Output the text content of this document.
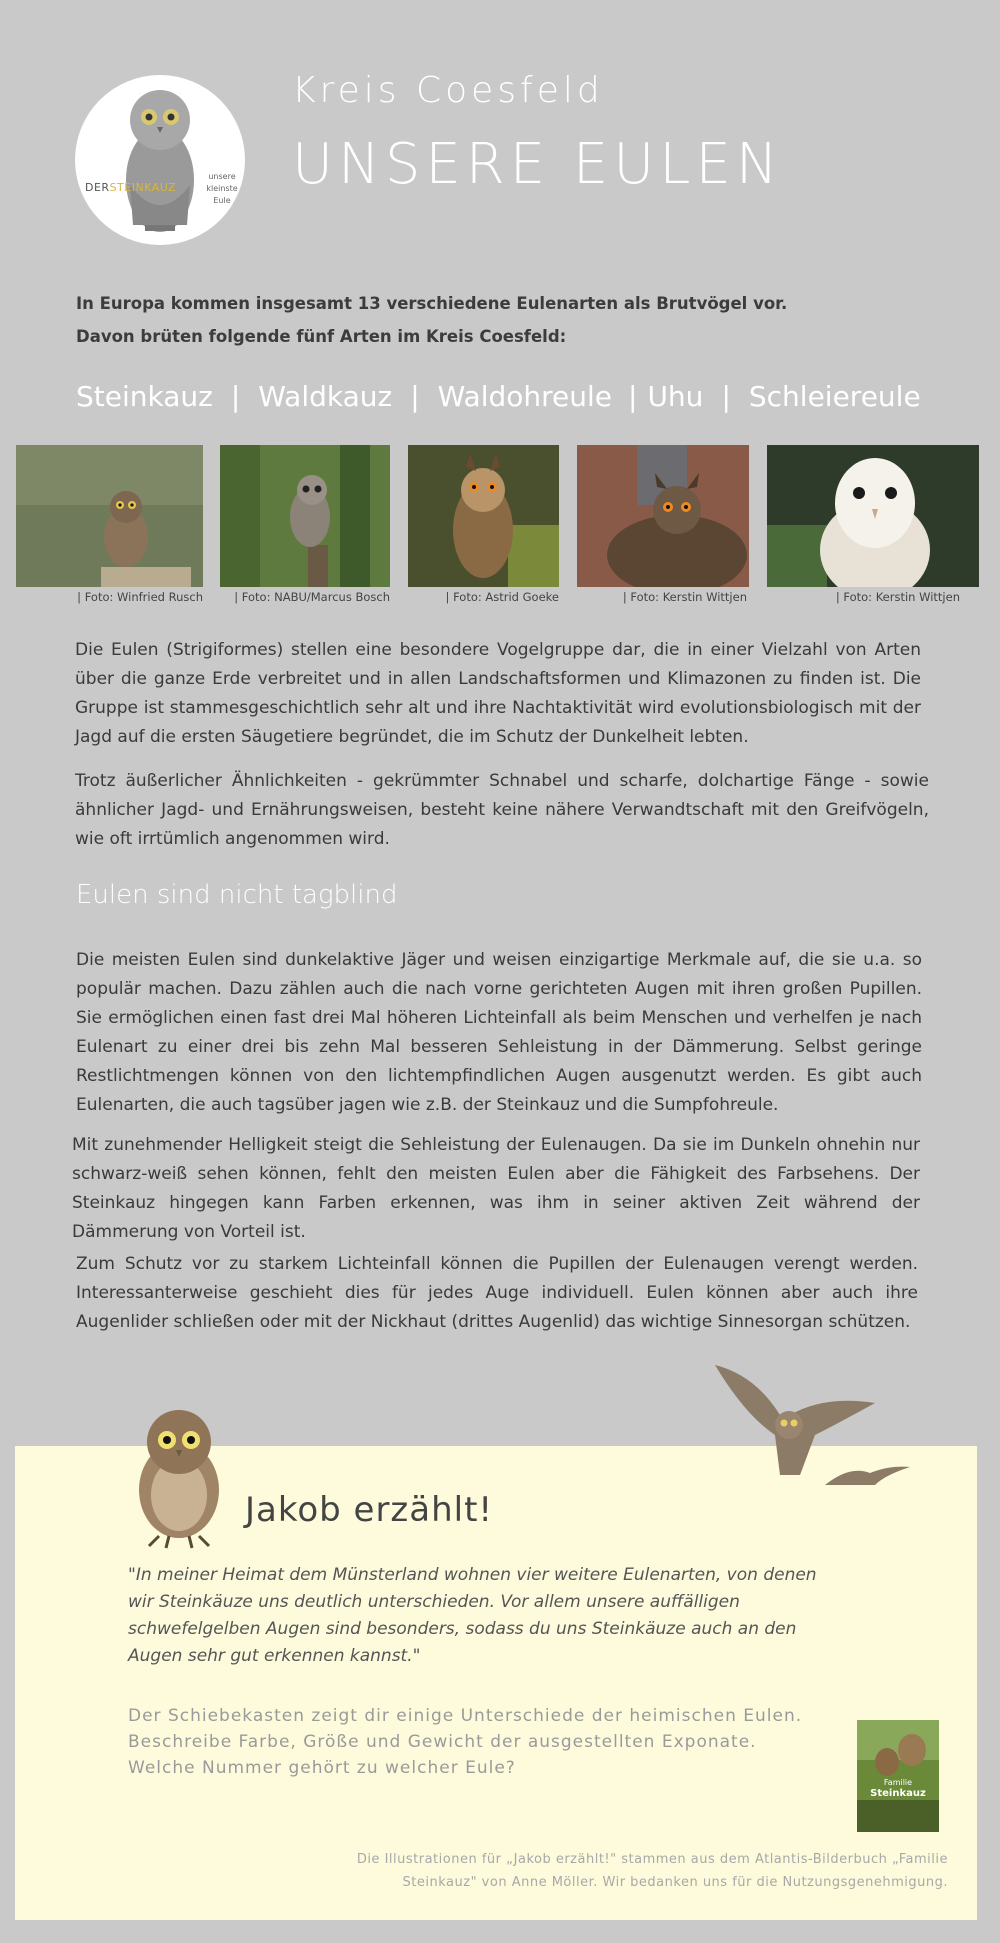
DERSTEINKAUZ
unsere
kleinste
Eule
Kreis Coesfeld
UNSERE EULEN
In Europa kommen insgesamt 13 verschiedene Eulenarten als Brutvögel vor.
Davon brüten folgende fünf Arten im Kreis Coesfeld:
Steinkauz | Waldkauz | Waldohreule | Uhu | Schleiereule
| Foto: Winfried Rusch	| Foto: NABU/Marcus Bosch	| Foto: Astrid Goeke	| Foto: Kerstin Wittjen	| Foto: Kerstin Wittjen
Die Eulen (Strigiformes) stellen eine besondere Vogelgruppe dar, die in einer Vielzahl von Arten über die ganze Erde verbreitet und in allen Landschaftsformen und Klimazonen zu finden ist. Die Gruppe ist stammesgeschichtlich sehr alt und ihre Nachtaktivität wird evolutionsbiologisch mit der Jagd auf die ersten Säugetiere begründet, die im Schutz der Dunkelheit lebten.
Trotz äußerlicher Ähnlichkeiten - gekrümmter Schnabel und scharfe, dolchartige Fänge - sowie ähnlicher Jagd- und Ernährungsweisen, besteht keine nähere Verwandtschaft mit den Greifvögeln, wie oft irrtümlich angenommen wird.
Eulen sind nicht tagblind
Die meisten Eulen sind dunkelaktive Jäger und weisen einzigartige Merkmale auf, die sie u.a. so populär machen. Dazu zählen auch die nach vorne gerichteten Augen mit ihren großen Pupillen. Sie ermöglichen einen fast drei Mal höheren Lichteinfall als beim Menschen und verhelfen je nach Eulenart zu einer drei bis zehn Mal besseren Sehleistung in der Dämmerung. Selbst geringe Restlichtmengen können von den lichtempfindlichen Augen ausgenutzt werden. Es gibt auch Eulenarten, die auch tagsüber jagen wie z.B. der Steinkauz und die Sumpfohreule.
Mit zunehmender Helligkeit steigt die Sehleistung der Eulenaugen. Da sie im Dunkeln ohnehin nur schwarz-weiß sehen können, fehlt den meisten Eulen aber die Fähigkeit des Farbsehens. Der Steinkauz hingegen kann Farben erkennen, was ihm in seiner aktiven Zeit während der Dämmerung von Vorteil ist.
Zum Schutz vor zu starkem Lichteinfall können die Pupillen der Eulenaugen verengt werden. Interessanterweise geschieht dies für jedes Auge individuell. Eulen können aber auch ihre Augenlider schließen oder mit der Nickhaut (drittes Augenlid) das wichtige Sinnesorgan schützen.
Jakob erzählt!
"In meiner Heimat dem Münsterland wohnen vier weitere Eulenarten, von denen wir Steinkäuze uns deutlich unterschieden. Vor allem unsere auffälligen schwefelgelben Augen sind besonders, sodass du uns Steinkäuze auch an den Augen sehr gut erkennen kannst."
Der Schiebekasten zeigt dir einige Unterschiede der heimischen Eulen. Beschreibe Farbe, Größe und Gewicht der ausgestellten Exponate. Welche Nummer gehört zu welcher Eule?
Familie
Steinkauz
Die Illustrationen für „Jakob erzählt!" stammen aus dem Atlantis-Bilderbuch „Familie Steinkauz" von Anne Möller. Wir bedanken uns für die Nutzungsgenehmigung.
